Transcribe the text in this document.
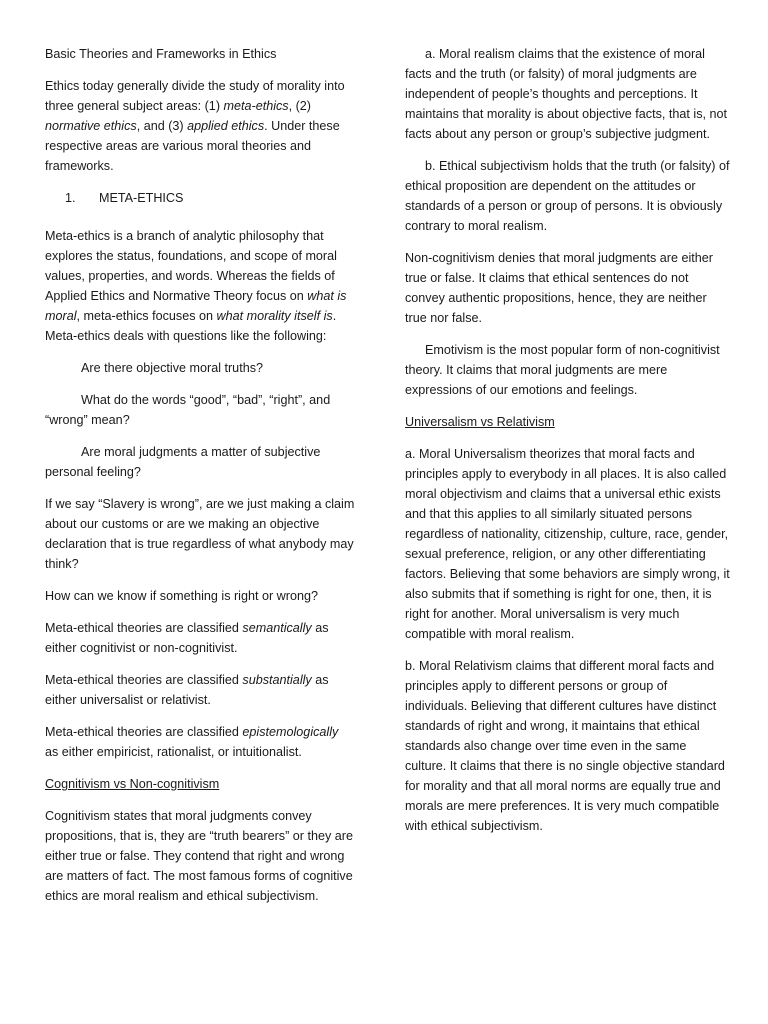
Basic Theories and Frameworks in Ethics

Ethics today generally divide the study of morality into three general subject areas: (1) meta-ethics, (2) normative ethics, and (3) applied ethics. Under these respective areas are various moral theories and frameworks.

1. META-ETHICS

Meta-ethics is a branch of analytic philosophy that explores the status, foundations, and scope of moral values, properties, and words. Whereas the fields of Applied Ethics and Normative Theory focus on what is moral, meta-ethics focuses on what morality itself is. Meta-ethics deals with questions like the following:

Are there objective moral truths?

What do the words “good”, “bad”, “right”, and “wrong” mean?

Are moral judgments a matter of subjective personal feeling?

If we say “Slavery is wrong”, are we just making a claim about our customs or are we making an objective declaration that is true regardless of what anybody may think?

How can we know if something is right or wrong?

Meta-ethical theories are classified semantically as either cognitivist or non-cognitivist.

Meta-ethical theories are classified substantially as either universalist or relativist.

Meta-ethical theories are classified epistemologically as either empiricist, rationalist, or intuitionalist.

Cognitivism vs Non-cognitivism

Cognitivism states that moral judgments convey propositions, that is, they are “truth bearers” or they are either true or false. They contend that right and wrong are matters of fact. The most famous forms of cognitive ethics are moral realism and ethical subjectivism.

a. Moral realism claims that the existence of moral facts and the truth (or falsity) of moral judgments are independent of people’s thoughts and perceptions. It maintains that morality is about objective facts, that is, not facts about any person or group’s subjective judgment.

b. Ethical subjectivism holds that the truth (or falsity) of ethical proposition are dependent on the attitudes or standards of a person or group of persons. It is obviously contrary to moral realism.

Non-cognitivism denies that moral judgments are either true or false. It claims that ethical sentences do not convey authentic propositions, hence, they are neither true nor false.

Emotivism is the most popular form of non-cognitivist theory. It claims that moral judgments are mere expressions of our emotions and feelings.

Universalism vs Relativism

a. Moral Universalism theorizes that moral facts and principles apply to everybody in all places. It is also called moral objectivism and claims that a universal ethic exists and that this applies to all similarly situated persons regardless of nationality, citizenship, culture, race, gender, sexual preference, religion, or any other differentiating factors. Believing that some behaviors are simply wrong, it also submits that if something is right for one, then, it is right for another. Moral universalism is very much compatible with moral realism.

b. Moral Relativism claims that different moral facts and principles apply to different persons or group of individuals. Believing that different cultures have distinct standards of right and wrong, it maintains that ethical standards also change over time even in the same culture. It claims that there is no single objective standard for morality and that all moral norms are equally true and morals are mere preferences. It is very much compatible with ethical subjectivism.
